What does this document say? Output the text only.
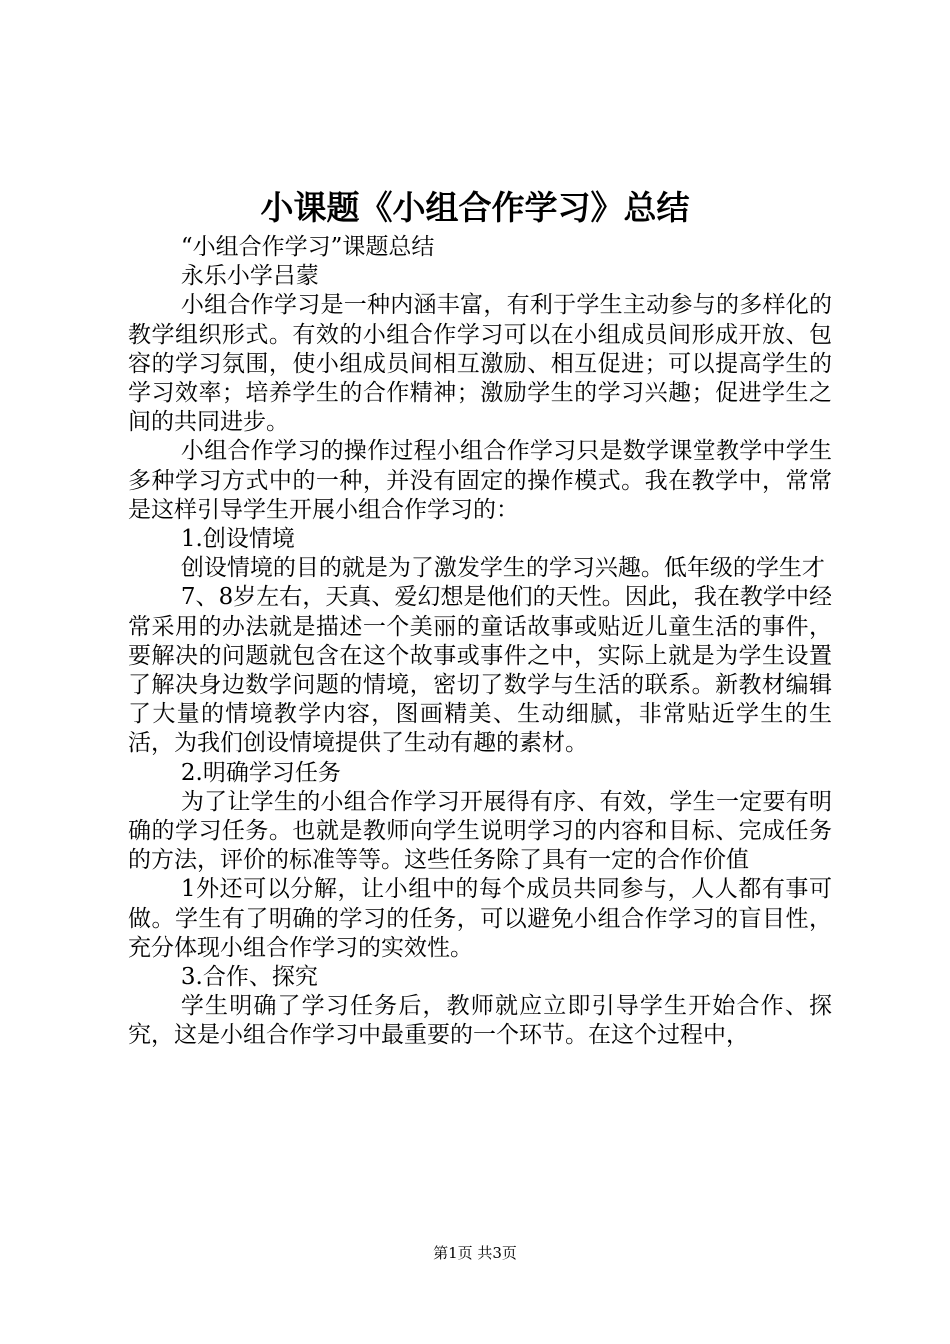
小课题《小组合作学习》总结

“小组合作学习”课题总结

永乐小学吕蒙

小组合作学习是一种内涵丰富，有利于学生主动参与的多样化的教学组织形式。有效的小组合作学习可以在小组成员间形成开放、包容的学习氛围，使小组成员间相互激励、相互促进；可以提高学生的学习效率；培养学生的合作精神；激励学生的学习兴趣；促进学生之间的共同进步。

小组合作学习的操作过程小组合作学习只是数学课堂教学中学生多种学习方式中的一种，并没有固定的操作模式。我在教学中，常常是这样引导学生开展小组合作学习的：

1.创设情境

创设情境的目的就是为了激发学生的学习兴趣。低年级的学生才

7、8岁左右，天真、爱幻想是他们的天性。因此，我在教学中经常采用的办法就是描述一个美丽的童话故事或贴近儿童生活的事件，要解决的问题就包含在这个故事或事件之中，实际上就是为学生设置了解决身边数学问题的情境，密切了数学与生活的联系。新教材编辑了大量的情境教学内容，图画精美、生动细腻，非常贴近学生的生活，为我们创设情境提供了生动有趣的素材。

2.明确学习任务

为了让学生的小组合作学习开展得有序、有效，学生一定要有明确的学习任务。也就是教师向学生说明学习的内容和目标、完成任务的方法，评价的标准等等。这些任务除了具有一定的合作价值

1外还可以分解，让小组中的每个成员共同参与，人人都有事可做。学生有了明确的学习的任务，可以避免小组合作学习的盲目性，充分体现小组合作学习的实效性。

3.合作、探究

学生明确了学习任务后，教师就应立即引导学生开始合作、探究，这是小组合作学习中最重要的一个环节。在这个过程中，

第1页 共3页
